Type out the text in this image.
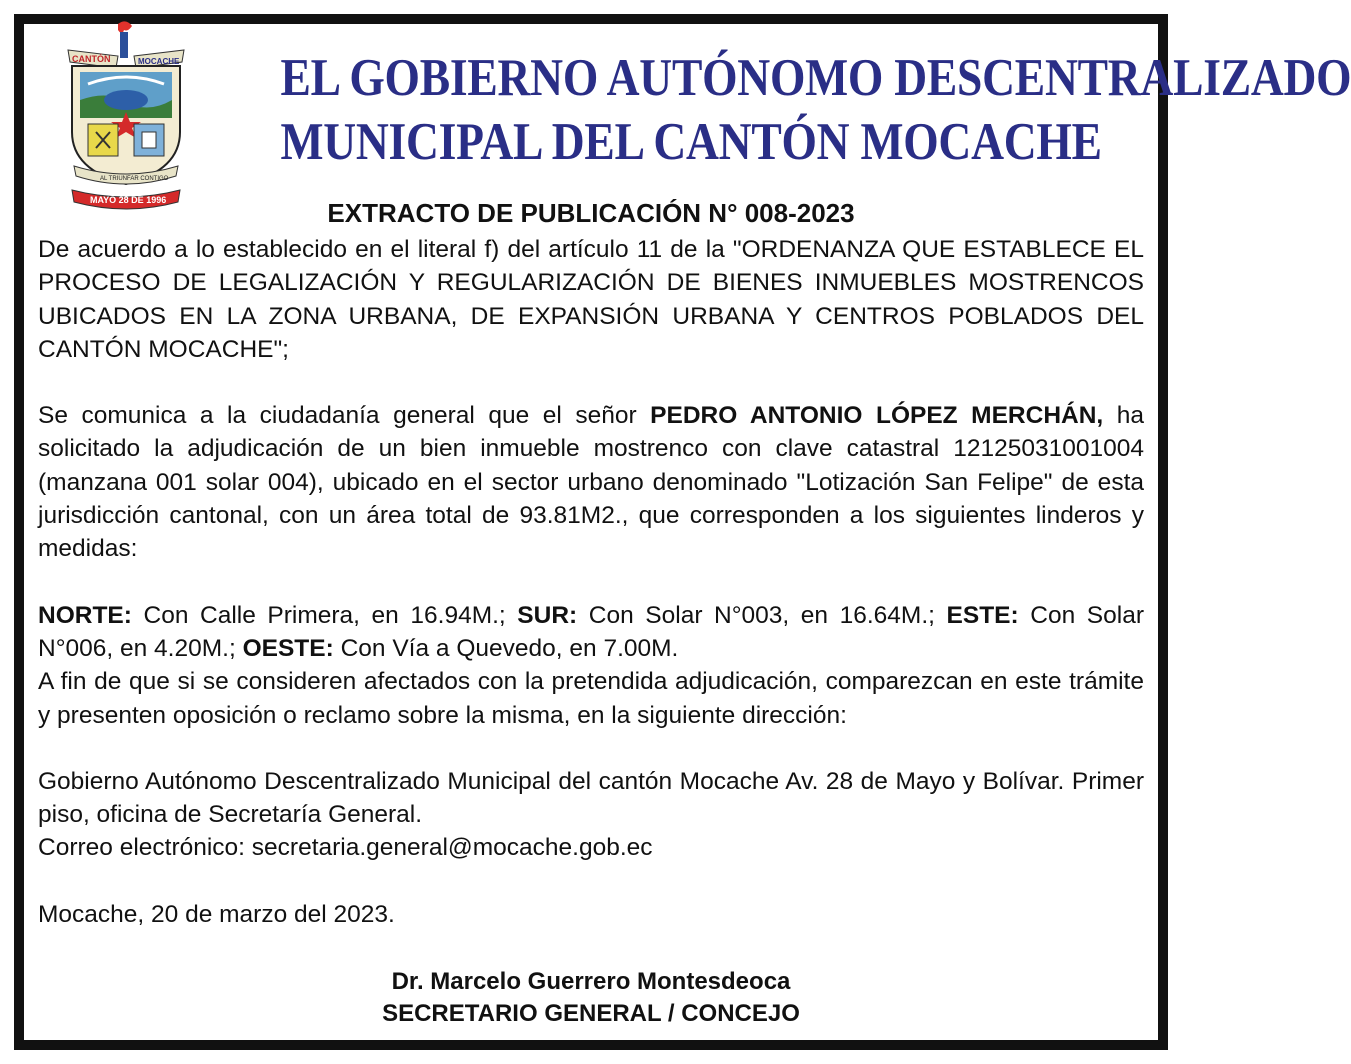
CANTÓN	MOCACHE
AL TRIUNFAR CONTIGO
MAYO 28 DE 1996
EL GOBIERNO AUTÓNOMO DESCENTRALIZADO
MUNICIPAL DEL CANTÓN MOCACHE
EXTRACTO DE PUBLICACIÓN N° 008-2023

De acuerdo a lo establecido en el literal f) del artículo 11 de la "ORDENANZA QUE ESTABLECE EL PROCESO DE LEGALIZACIÓN Y REGULARIZACIÓN DE BIENES INMUEBLES MOSTRENCOS UBICADOS EN LA ZONA URBANA, DE EXPANSIÓN URBANA Y CENTROS POBLADOS DEL CANTÓN MOCACHE";

Se comunica a la ciudadanía general que el señor PEDRO ANTONIO LÓPEZ MERCHÁN, ha solicitado la adjudicación de un bien inmueble mostrenco con clave catastral 12125031001004 (manzana 001 solar 004), ubicado en el sector urbano denominado "Lotización San Felipe" de esta jurisdicción cantonal, con un área total de 93.81M2., que corresponden a los siguientes linderos y medidas:

NORTE: Con Calle Primera, en 16.94M.; SUR: Con Solar N°003, en 16.64M.; ESTE: Con Solar N°006, en 4.20M.; OESTE: Con Vía a Quevedo, en 7.00M.

A fin de que si se consideren afectados con la pretendida adjudicación, comparezcan en este trámite y presenten oposición o reclamo sobre la misma, en la siguiente dirección:

Gobierno Autónomo Descentralizado Municipal del cantón Mocache Av. 28 de Mayo y Bolívar. Primer piso, oficina de Secretaría General.

Correo electrónico: secretaria.general@mocache.gob.ec

Mocache, 20 de marzo del 2023.

Dr. Marcelo Guerrero Montesdeoca
SECRETARIO GENERAL / CONCEJO
